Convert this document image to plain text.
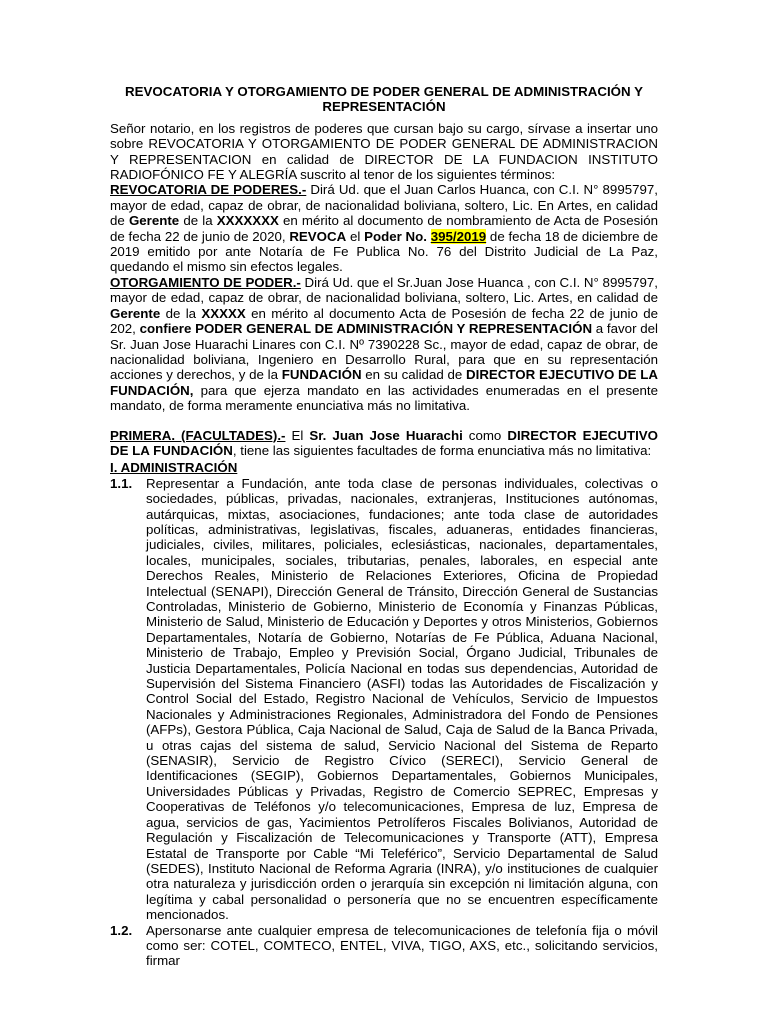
REVOCATORIA Y OTORGAMIENTO DE PODER GENERAL DE ADMINISTRACIÓN Y REPRESENTACIÓN

Señor notario, en los registros de poderes que cursan bajo su cargo, sírvase a insertar uno sobre REVOCATORIA Y OTORGAMIENTO DE PODER GENERAL DE ADMINISTRACION Y REPRESENTACION en calidad de DIRECTOR DE LA FUNDACION INSTITUTO RADIOFÓNICO FE Y ALEGRÍA suscrito al tenor de los siguientes términos:

REVOCATORIA DE PODERES.- Dirá Ud. que el Juan Carlos Huanca, con C.I. N° 8995797, mayor de edad, capaz de obrar, de nacionalidad boliviana, soltero, Lic. En Artes, en calidad de Gerente de la XXXXXXX en mérito al documento de nombramiento de Acta de Posesión de fecha 22 de junio de 2020, REVOCA el Poder No. 395/2019 de fecha 18 de diciembre de 2019 emitido por ante Notaría de Fe Publica No. 76 del Distrito Judicial de La Paz, quedando el mismo sin efectos legales.

OTORGAMIENTO DE PODER.- Dirá Ud. que el Sr.Juan Jose Huanca , con C.I. N° 8995797, mayor de edad, capaz de obrar, de nacionalidad boliviana, soltero, Lic. Artes, en calidad de Gerente de la XXXXX en mérito al documento Acta de Posesión de fecha 22 de junio de 202, confiere PODER GENERAL DE ADMINISTRACIÓN Y REPRESENTACIÓN a favor del Sr. Juan Jose Huarachi Linares con C.I. Nº 7390228 Sc., mayor de edad, capaz de obrar, de nacionalidad boliviana, Ingeniero en Desarrollo Rural, para que en su representación acciones y derechos, y de la FUNDACIÓN en su calidad de DIRECTOR EJECUTIVO DE LA FUNDACIÓN, para que ejerza mandato en las actividades enumeradas en el presente mandato, de forma meramente enunciativa más no limitativa.

PRIMERA. (FACULTADES).- El Sr. Juan Jose Huarachi como DIRECTOR EJECUTIVO DE LA FUNDACIÓN, tiene las siguientes facultades de forma enunciativa más no limitativa:

I. ADMINISTRACIÓN
1.1. Representar a Fundación, ante toda clase de personas individuales, colectivas o sociedades, públicas, privadas, nacionales, extranjeras, Instituciones autónomas, autárquicas, mixtas, asociaciones, fundaciones; ante toda clase de autoridades políticas, administrativas, legislativas, fiscales, aduaneras, entidades financieras, judiciales, civiles, militares, policiales, eclesiásticas, nacionales, departamentales, locales, municipales, sociales, tributarias, penales, laborales, en especial ante Derechos Reales, Ministerio de Relaciones Exteriores, Oficina de Propiedad Intelectual (SENAPI), Dirección General de Tránsito, Dirección General de Sustancias Controladas, Ministerio de Gobierno, Ministerio de Economía y Finanzas Públicas, Ministerio de Salud, Ministerio de Educación y Deportes y otros Ministerios, Gobiernos Departamentales, Notaría de Gobierno, Notarías de Fe Pública, Aduana Nacional, Ministerio de Trabajo, Empleo y Previsión Social, Órgano Judicial, Tribunales de Justicia Departamentales, Policía Nacional en todas sus dependencias, Autoridad de Supervisión del Sistema Financiero (ASFI) todas las Autoridades de Fiscalización y Control Social del Estado, Registro Nacional de Vehículos, Servicio de Impuestos Nacionales y Administraciones Regionales, Administradora del Fondo de Pensiones (AFPs), Gestora Pública, Caja Nacional de Salud, Caja de Salud de la Banca Privada, u otras cajas del sistema de salud, Servicio Nacional del Sistema de Reparto (SENASIR), Servicio de Registro Cívico (SERECI), Servicio General de Identificaciones (SEGIP), Gobiernos Departamentales, Gobiernos Municipales, Universidades Públicas y Privadas, Registro de Comercio SEPREC, Empresas y Cooperativas de Teléfonos y/o telecomunicaciones, Empresa de luz, Empresa de agua, servicios de gas, Yacimientos Petrolíferos Fiscales Bolivianos, Autoridad de Regulación y Fiscalización de Telecomunicaciones y Transporte (ATT), Empresa Estatal de Transporte por Cable “Mi Teleférico”, Servicio Departamental de Salud (SEDES), Instituto Nacional de Reforma Agraria (INRA), y/o instituciones de cualquier otra naturaleza y jurisdicción orden o jerarquía sin excepción ni limitación alguna, con legítima y cabal personalidad o personería que no se encuentren específicamente mencionados.
1.2. Apersonarse ante cualquier empresa de telecomunicaciones de telefonía fija o móvil como ser: COTEL, COMTECO, ENTEL, VIVA, TIGO, AXS, etc., solicitando servicios, firmar
